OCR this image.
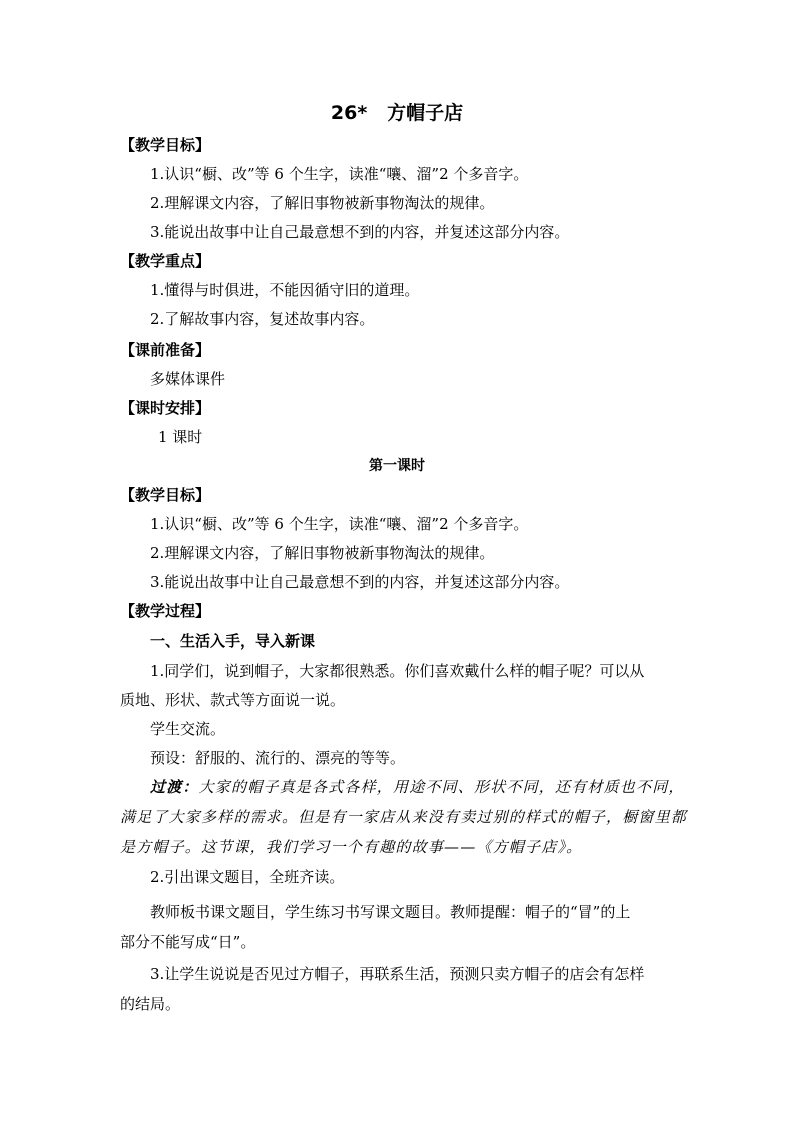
26*   方帽子店
【教学目标】
1.认识“橱、改”等 6 个生字，读准“嚷、溜”2 个多音字。
2.理解课文内容，了解旧事物被新事物淘汰的规律。
3.能说出故事中让自己最意想不到的内容，并复述这部分内容。
【教学重点】
1.懂得与时俱进，不能因循守旧的道理。
2.了解故事内容，复述故事内容。
【课前准备】
多媒体课件
【课时安排】
1 课时
第一课时
【教学目标】
1.认识“橱、改”等 6 个生字，读准“嚷、溜”2 个多音字。
2.理解课文内容，了解旧事物被新事物淘汰的规律。
3.能说出故事中让自己最意想不到的内容，并复述这部分内容。
【教学过程】
一、生活入手，导入新课
1.同学们，说到帽子，大家都很熟悉。你们喜欢戴什么样的帽子呢？可以从
质地、形状、款式等方面说一说。
学生交流。
预设：舒服的、流行的、漂亮的等等。
过渡：大家的帽子真是各式各样，用途不同、形状不同，还有材质也不同，
满足了大家多样的需求。但是有一家店从来没有卖过别的样式的帽子，橱窗里都
是方帽子。这节课，我们学习一个有趣的故事——《方帽子店》。
2.引出课文题目，全班齐读。
教师板书课文题目，学生练习书写课文题目。教师提醒：帽子的“冒”的上
部分不能写成“日”。
3.让学生说说是否见过方帽子，再联系生活，预测只卖方帽子的店会有怎样
的结局。
